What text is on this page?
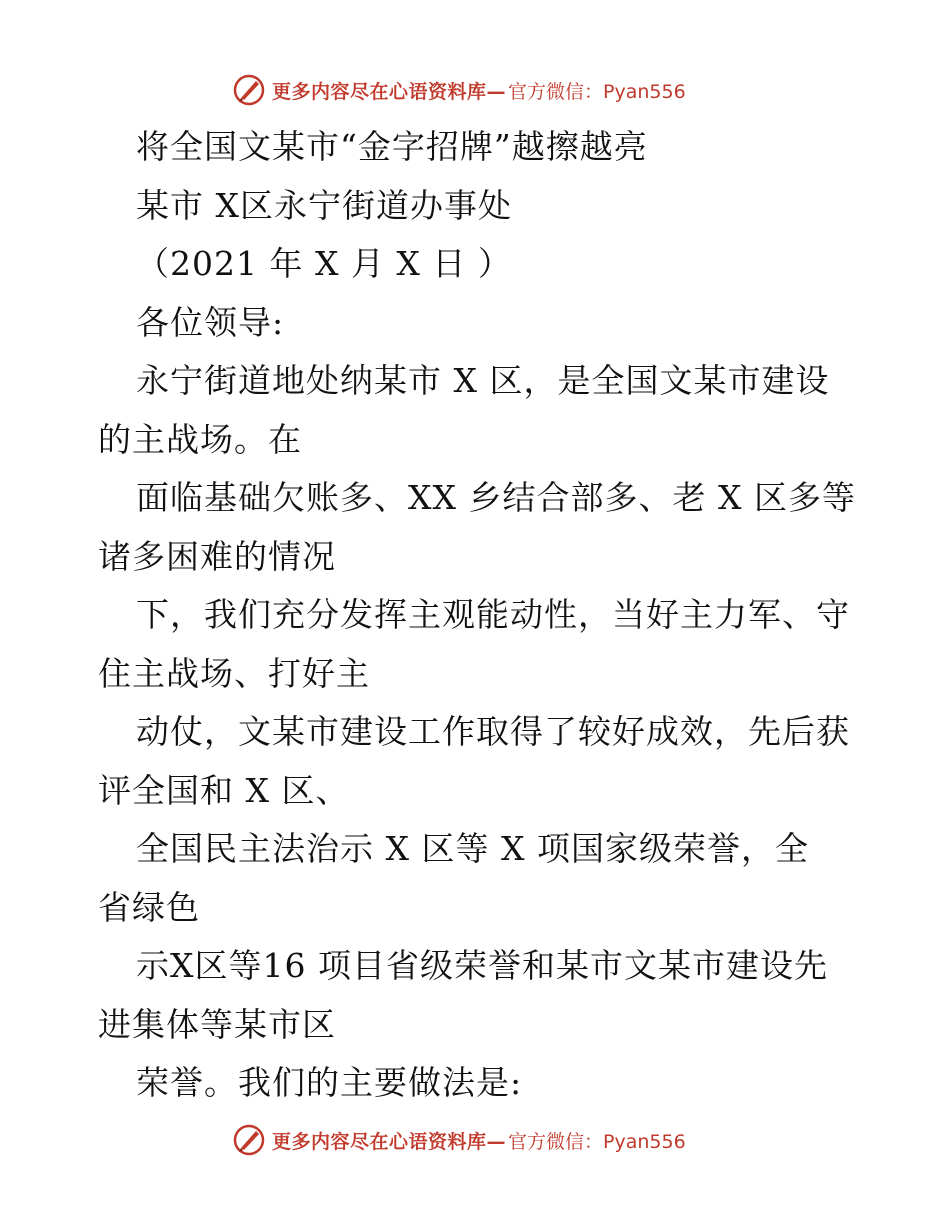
更多内容尽在心语资料库— 官方微信：Pyan556
将全国文某市“金字招牌”越擦越亮
某市 X区永宁街道办事处
（2021 年 X 月 X 日 ）
各位领导:
永宁街道地处纳某市 X 区，是全国文某市建设
的主战场。在
面临基础欠账多、XX 乡结合部多、老 X 区多等
诸多困难的情况
下，我们充分发挥主观能动性，当好主力军、守
住主战场、打好主
动仗，文某市建设工作取得了较好成效，先后获
评全国和 X 区、
全国民主法治示 X 区等 X 项国家级荣誉，全
省绿色
示X区等16 项目省级荣誉和某市文某市建设先
进集体等某市区
荣誉。我们的主要做法是:
更多内容尽在心语资料库— 官方微信：Pyan556
